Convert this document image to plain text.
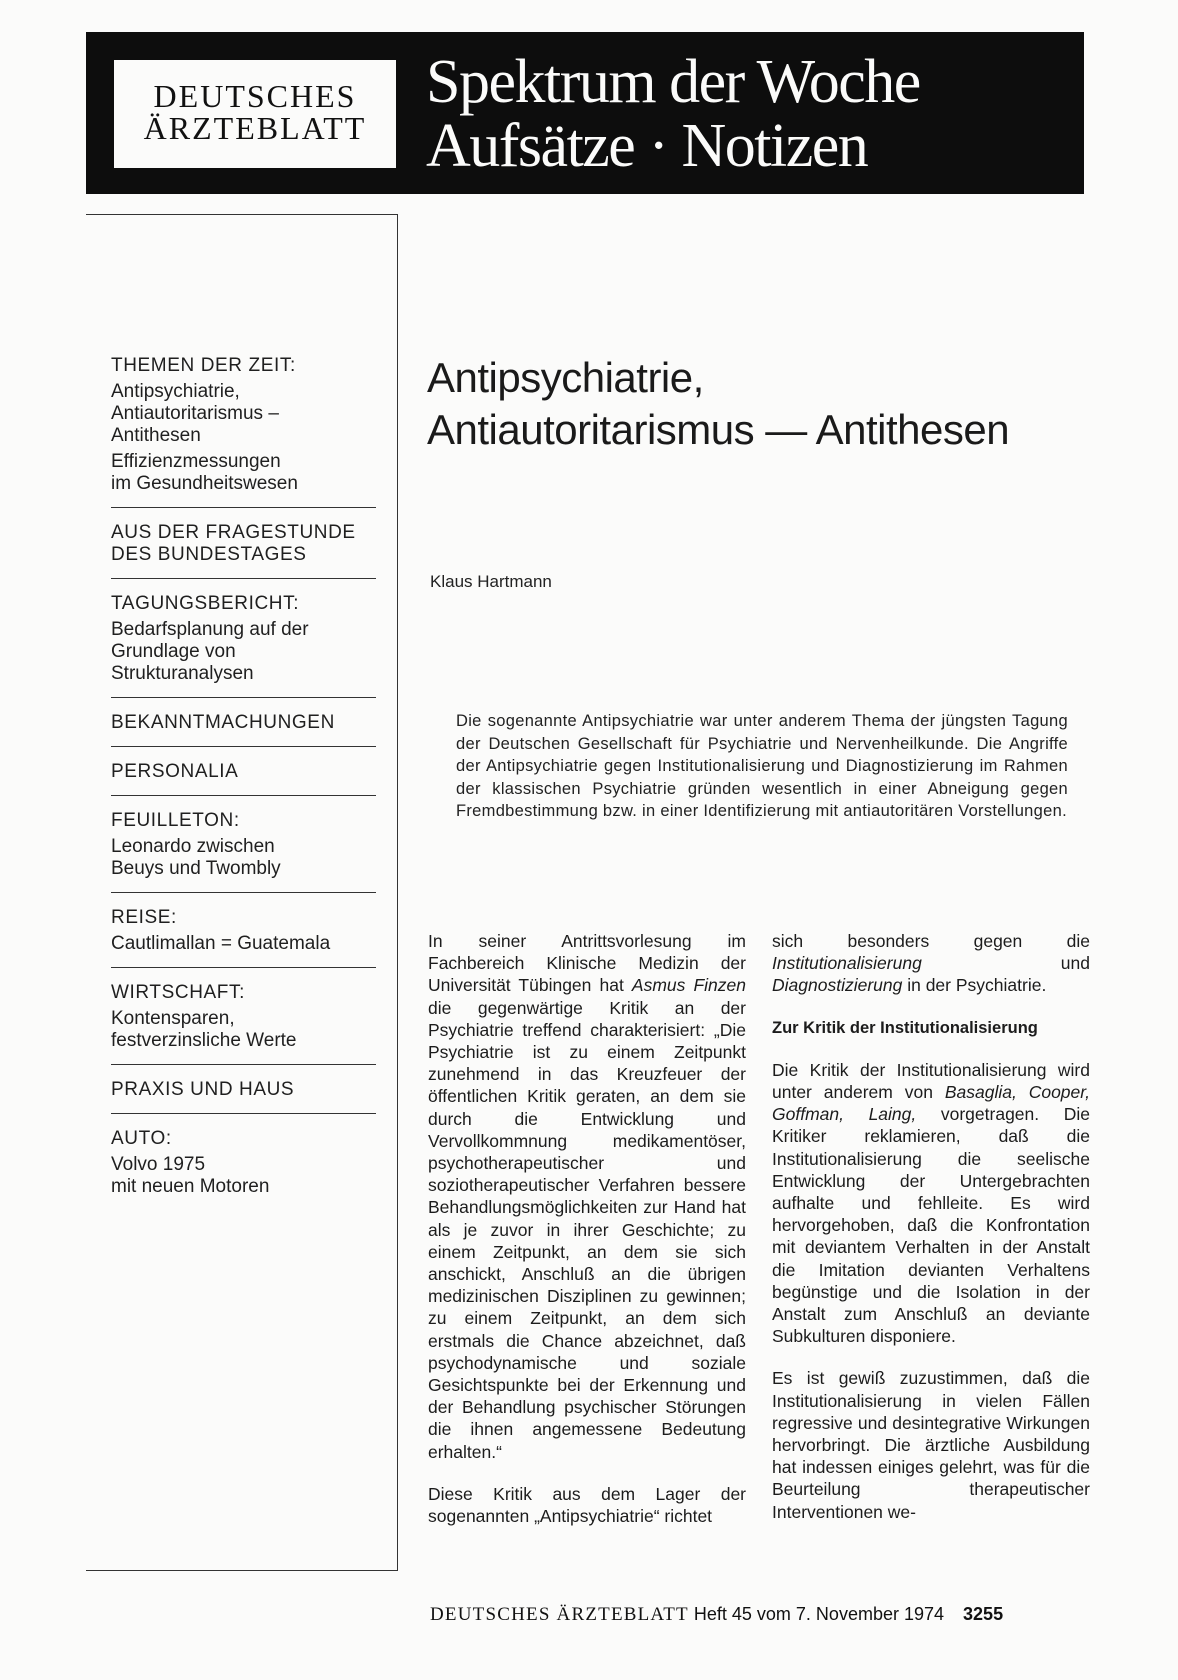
DEUTSCHES
ÄRZTEBLATT
Spektrum der Woche
Aufsätze · Notizen
THEMEN DER ZEIT:
Antipsychiatrie,
Antiautoritarismus –
Antithesen
Effizienzmessungen
im Gesundheitswesen
AUS DER FRAGESTUNDE
DES BUNDESTAGES
TAGUNGSBERICHT:
Bedarfsplanung auf der
Grundlage von
Strukturanalysen
BEKANNTMACHUNGEN
PERSONALIA
FEUILLETON:
Leonardo zwischen
Beuys und Twombly
REISE:
Cautlimallan = Guatemala
WIRTSCHAFT:
Kontensparen,
festverzinsliche Werte
PRAXIS UND HAUS
AUTO:
Volvo 1975
mit neuen Motoren
Antipsychiatrie,
Antiautoritarismus — Antithesen
Klaus Hartmann
Die sogenannte Antipsychiatrie war unter anderem Thema der jüngsten Tagung der Deutschen Gesellschaft für Psychiatrie und Nervenheilkunde. Die Angriffe der Antipsychiatrie gegen Institutionalisierung und Diagnostizierung im Rahmen der klassischen Psychiatrie gründen wesentlich in einer Abneigung gegen Fremdbestimmung bzw. in einer Identifizierung mit antiautoritären Vorstellungen.

In seiner Antrittsvorlesung im Fachbereich Klinische Medizin der Universität Tübingen hat Asmus Finzen die gegenwärtige Kritik an der Psychiatrie treffend charakterisiert: „Die Psychiatrie ist zu einem Zeitpunkt zunehmend in das Kreuzfeuer der öffentlichen Kritik geraten, an dem sie durch die Entwicklung und Vervollkommnung medikamentöser, psychotherapeutischer und soziotherapeutischer Verfahren bessere Behandlungsmöglichkeiten zur Hand hat als je zuvor in ihrer Geschichte; zu einem Zeitpunkt, an dem sie sich anschickt, Anschluß an die übrigen medizinischen Disziplinen zu gewinnen; zu einem Zeitpunkt, an dem sich erstmals die Chance abzeichnet, daß psychodynamische und soziale Gesichtspunkte bei der Erkennung und der Behandlung psychischer Störungen die ihnen angemessene Bedeutung erhalten.“

Diese Kritik aus dem Lager der sogenannten „Antipsychiatrie“ richtet

sich besonders gegen die Institutionalisierung und Diagnostizierung in der Psychiatrie.

Zur Kritik der Institutionalisierung

Die Kritik der Institutionalisierung wird unter anderem von Basaglia, Cooper, Goffman, Laing, vorgetragen. Die Kritiker reklamieren, daß die Institutionalisierung die seelische Entwicklung der Untergebrachten aufhalte und fehlleite. Es wird hervorgehoben, daß die Konfrontation mit deviantem Verhalten in der Anstalt die Imitation devianten Verhaltens begünstige und die Isolation in der Anstalt zum Anschluß an deviante Subkulturen disponiere.

Es ist gewiß zuzustimmen, daß die Institutionalisierung in vielen Fällen regressive und desintegrative Wirkungen hervorbringt. Die ärztliche Ausbildung hat indessen einiges gelehrt, was für die Beurteilung therapeutischer Interventionen we-

DEUTSCHES ÄRZTEBLATT Heft 45 vom 7. November 1974 3255
